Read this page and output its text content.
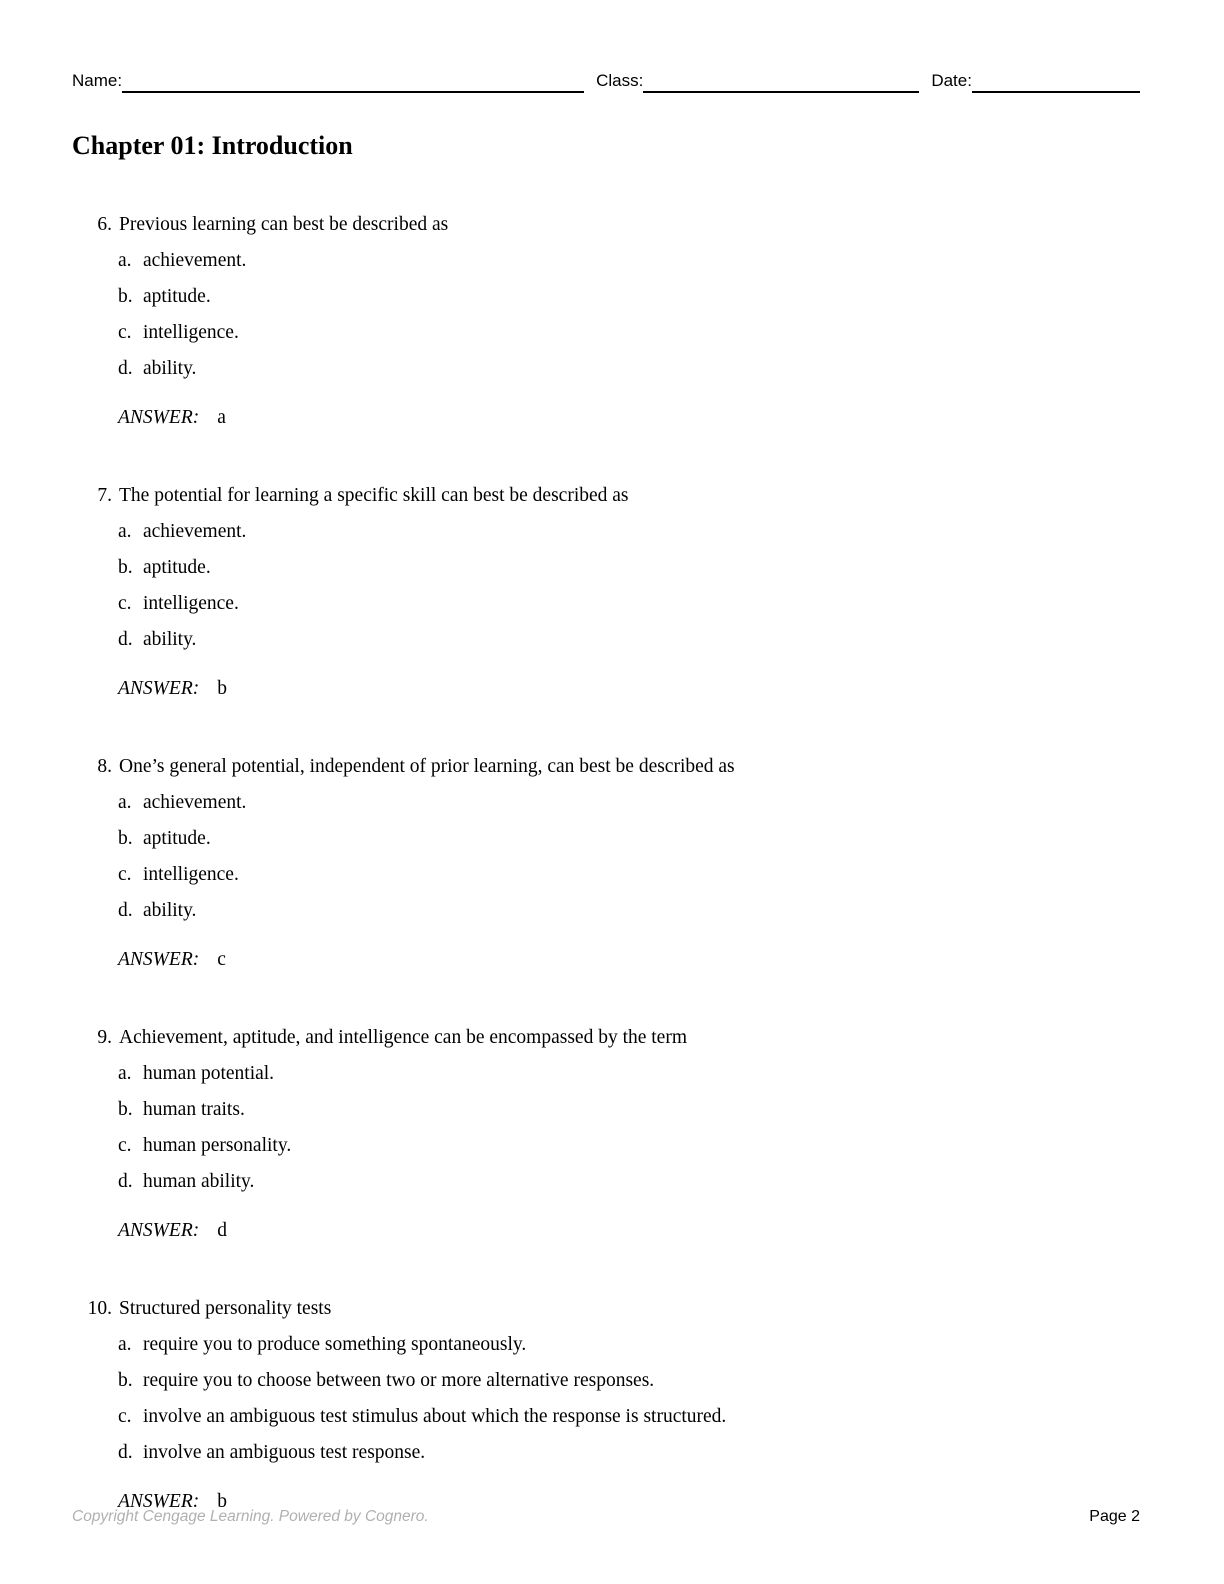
Name:	Class:	Date:
Chapter 01: Introduction
6. Previous learning can best be described as
a. achievement.
b. aptitude.
c. intelligence.
d. ability.
ANSWER: a
7. The potential for learning a specific skill can best be described as
a. achievement.
b. aptitude.
c. intelligence.
d. ability.
ANSWER: b
8. One’s general potential, independent of prior learning, can best be described as
a. achievement.
b. aptitude.
c. intelligence.
d. ability.
ANSWER: c
9. Achievement, aptitude, and intelligence can be encompassed by the term
a. human potential.
b. human traits.
c. human personality.
d. human ability.
ANSWER: d
10. Structured personality tests
a. require you to produce something spontaneously.
b. require you to choose between two or more alternative responses.
c. involve an ambiguous test stimulus about which the response is structured.
d. involve an ambiguous test response.
ANSWER: b
Copyright Cengage Learning. Powered by Cognero.	Page 2
